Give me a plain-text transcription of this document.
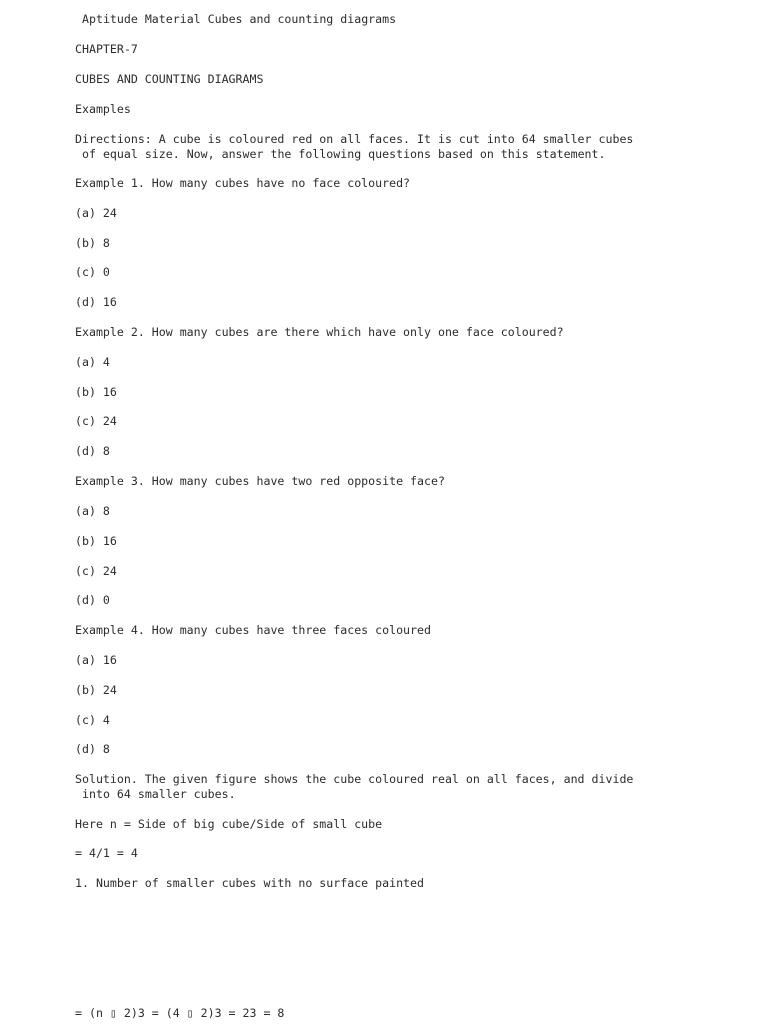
Aptitude Material Cubes and counting diagrams
CHAPTER-7
CUBES AND COUNTING DIAGRAMS
Examples
Directions: A cube is coloured red on all faces. It is cut into 64 smaller cubes
of equal size. Now, answer the following questions based on this statement.
Example 1. How many cubes have no face coloured?
(a) 24
(b) 8
(c) 0
(d) 16
Example 2. How many cubes are there which have only one face coloured?
(a) 4
(b) 16
(c) 24
(d) 8
Example 3. How many cubes have two red opposite face?
(a) 8
(b) 16
(c) 24
(d) 0
Example 4. How many cubes have three faces coloured
(a) 16
(b) 24
(c) 4
(d) 8
Solution. The given figure shows the cube coloured real on all faces, and divide
into 64 smaller cubes.
Here n = Side of big cube/Side of small cube
= 4/1 = 4
1. Number of smaller cubes with no surface painted
= (n ▯ 2)3 = (4 ▯ 2)3 = 23 = 8
